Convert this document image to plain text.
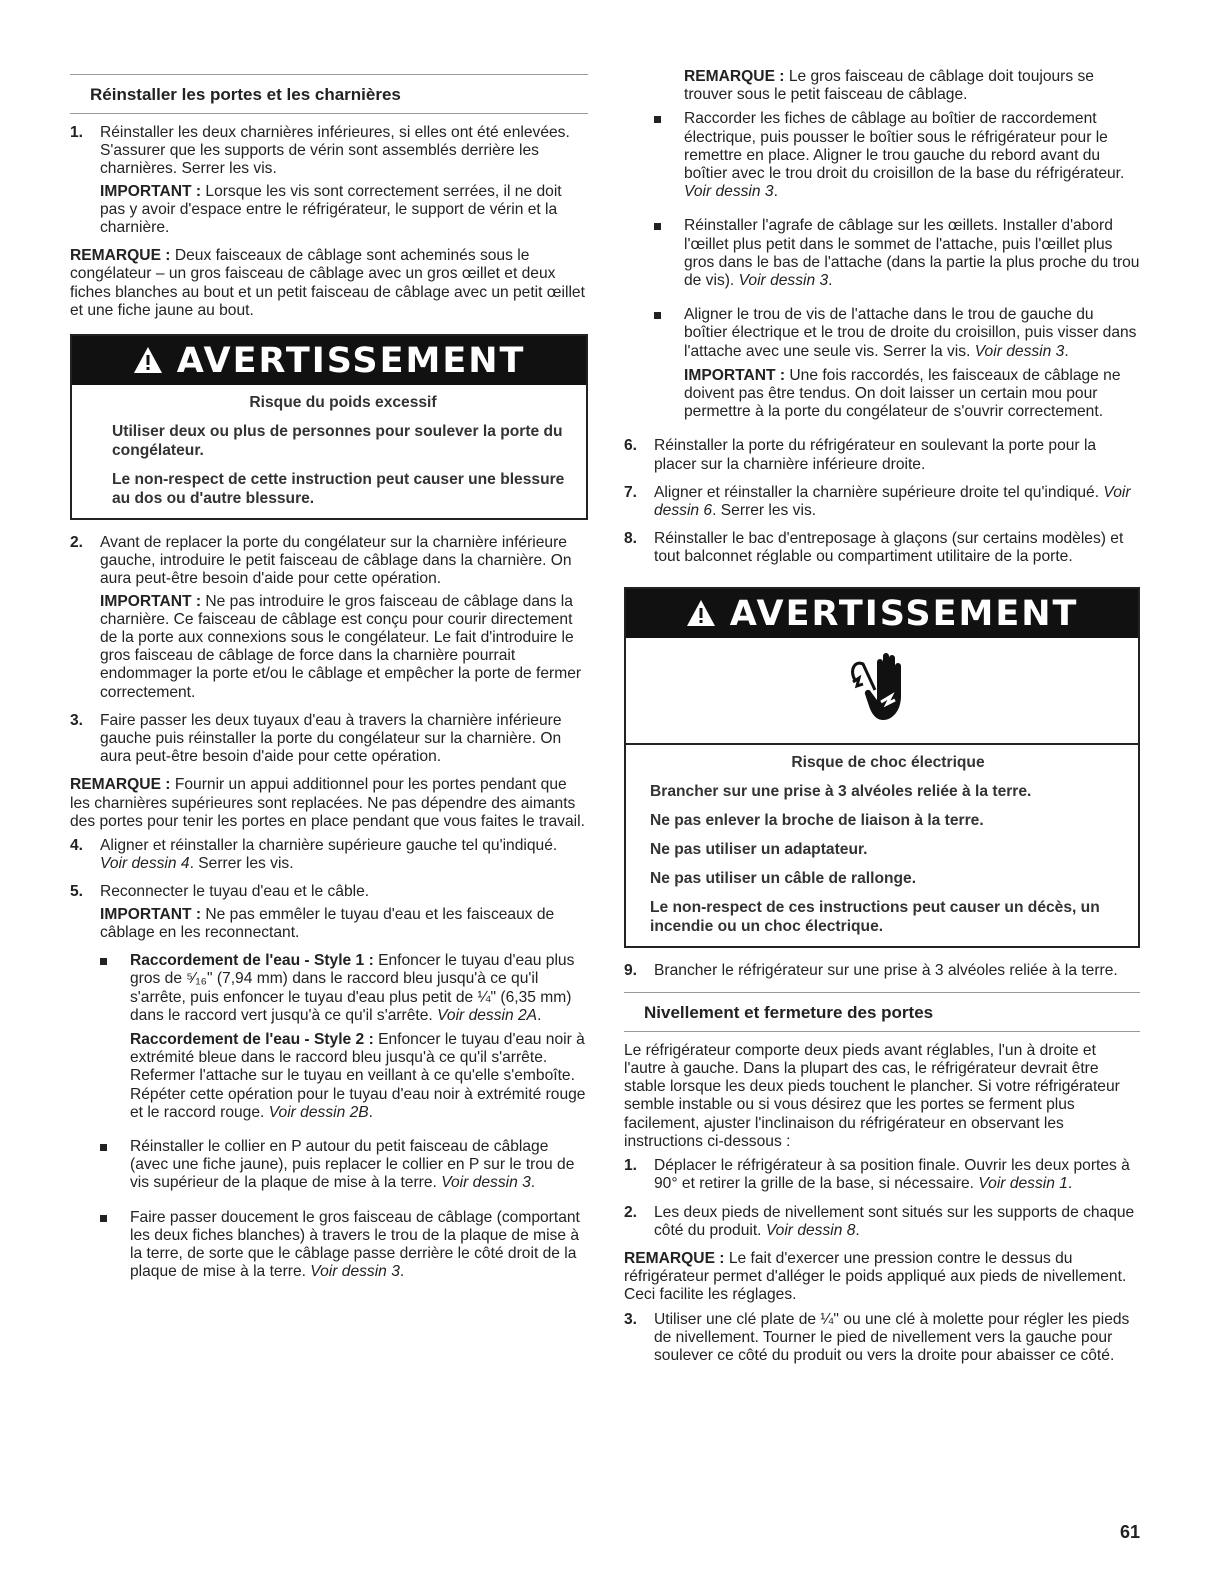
Réinstaller les portes et les charnières
1.	Réinstaller les deux charnières inférieures, si elles ont été enlevées. S'assurer que les supports de vérin sont assemblés derrière les charnières. Serrer les vis.
IMPORTANT : Lorsque les vis sont correctement serrées, il ne doit pas y avoir d'espace entre le réfrigérateur, le support de vérin et la charnière.
REMARQUE : Deux faisceaux de câblage sont acheminés sous le congélateur – un gros faisceau de câblage avec un gros œillet et deux fiches blanches au bout et un petit faisceau de câblage avec un petit œillet et une fiche jaune au bout.
AVERTISSEMENT
Risque du poids excessif
Utiliser deux ou plus de personnes pour soulever la porte du congélateur.
Le non-respect de cette instruction peut causer une blessure au dos ou d'autre blessure.
2.	Avant de replacer la porte du congélateur sur la charnière inférieure gauche, introduire le petit faisceau de câblage dans la charnière. On aura peut-être besoin d'aide pour cette opération.
IMPORTANT : Ne pas introduire le gros faisceau de câblage dans la charnière. Ce faisceau de câblage est conçu pour courir directement de la porte aux connexions sous le congélateur. Le fait d'introduire le gros faisceau de câblage de force dans la charnière pourrait endommager la porte et/ou le câblage et empêcher la porte de fermer correctement.
3.	Faire passer les deux tuyaux d'eau à travers la charnière inférieure gauche puis réinstaller la porte du congélateur sur la charnière. On aura peut-être besoin d'aide pour cette opération.
REMARQUE : Fournir un appui additionnel pour les portes pendant que les charnières supérieures sont replacées. Ne pas dépendre des aimants des portes pour tenir les portes en place pendant que vous faites le travail.
4.	Aligner et réinstaller la charnière supérieure gauche tel qu'indiqué. Voir dessin 4. Serrer les vis.
5.	Reconnecter le tuyau d'eau et le câble.
IMPORTANT : Ne pas emmêler le tuyau d'eau et les faisceaux de câblage en les reconnectant.
Raccordement de l'eau - Style 1 : Enfoncer le tuyau d'eau plus gros de ⁵⁄₁₆" (7,94 mm) dans le raccord bleu jusqu'à ce qu'il s'arrête, puis enfoncer le tuyau d'eau plus petit de ¼" (6,35 mm) dans le raccord vert jusqu'à ce qu'il s'arrête. Voir dessin 2A.
Raccordement de l'eau - Style 2 : Enfoncer le tuyau d'eau noir à extrémité bleue dans le raccord bleu jusqu'à ce qu'il s'arrête. Refermer l'attache sur le tuyau en veillant à ce qu'elle s'emboîte. Répéter cette opération pour le tuyau d'eau noir à extrémité rouge et le raccord rouge. Voir dessin 2B.
Réinstaller le collier en P autour du petit faisceau de câblage (avec une fiche jaune), puis replacer le collier en P sur le trou de vis supérieur de la plaque de mise à la terre. Voir dessin 3.
Faire passer doucement le gros faisceau de câblage (comportant les deux fiches blanches) à travers le trou de la plaque de mise à la terre, de sorte que le câblage passe derrière le côté droit de la plaque de mise à la terre. Voir dessin 3.
REMARQUE : Le gros faisceau de câblage doit toujours se trouver sous le petit faisceau de câblage.
Raccorder les fiches de câblage au boîtier de raccordement électrique, puis pousser le boîtier sous le réfrigérateur pour le remettre en place. Aligner le trou gauche du rebord avant du boîtier avec le trou droit du croisillon de la base du réfrigérateur. Voir dessin 3.
Réinstaller l'agrafe de câblage sur les œillets. Installer d'abord l'œillet plus petit dans le sommet de l'attache, puis l'œillet plus gros dans le bas de l'attache (dans la partie la plus proche du trou de vis). Voir dessin 3.
Aligner le trou de vis de l'attache dans le trou de gauche du boîtier électrique et le trou de droite du croisillon, puis visser dans l'attache avec une seule vis. Serrer la vis. Voir dessin 3.
IMPORTANT : Une fois raccordés, les faisceaux de câblage ne doivent pas être tendus. On doit laisser un certain mou pour permettre à la porte du congélateur de s'ouvrir correctement.
6.	Réinstaller la porte du réfrigérateur en soulevant la porte pour la placer sur la charnière inférieure droite.
7.	Aligner et réinstaller la charnière supérieure droite tel qu'indiqué. Voir dessin 6. Serrer les vis.
8.	Réinstaller le bac d'entreposage à glaçons (sur certains modèles) et tout balconnet réglable ou compartiment utilitaire de la porte.
AVERTISSEMENT
Risque de choc électrique
Brancher sur une prise à 3 alvéoles reliée à la terre.
Ne pas enlever la broche de liaison à la terre.
Ne pas utiliser un adaptateur.
Ne pas utiliser un câble de rallonge.
Le non-respect de ces instructions peut causer un décès, un incendie ou un choc électrique.
9.	Brancher le réfrigérateur sur une prise à 3 alvéoles reliée à la terre.
Nivellement et fermeture des portes
Le réfrigérateur comporte deux pieds avant réglables, l'un à droite et l'autre à gauche. Dans la plupart des cas, le réfrigérateur devrait être stable lorsque les deux pieds touchent le plancher. Si votre réfrigérateur semble instable ou si vous désirez que les portes se ferment plus facilement, ajuster l'inclinaison du réfrigérateur en observant les instructions ci-dessous :
1.	Déplacer le réfrigérateur à sa position finale. Ouvrir les deux portes à 90° et retirer la grille de la base, si nécessaire. Voir dessin 1.
2.	Les deux pieds de nivellement sont situés sur les supports de chaque côté du produit. Voir dessin 8.
REMARQUE : Le fait d'exercer une pression contre le dessus du réfrigérateur permet d'alléger le poids appliqué aux pieds de nivellement. Ceci facilite les réglages.
3.	Utiliser une clé plate de ¼" ou une clé à molette pour régler les pieds de nivellement. Tourner le pied de nivellement vers la gauche pour soulever ce côté du produit ou vers la droite pour abaisser ce côté.
61
